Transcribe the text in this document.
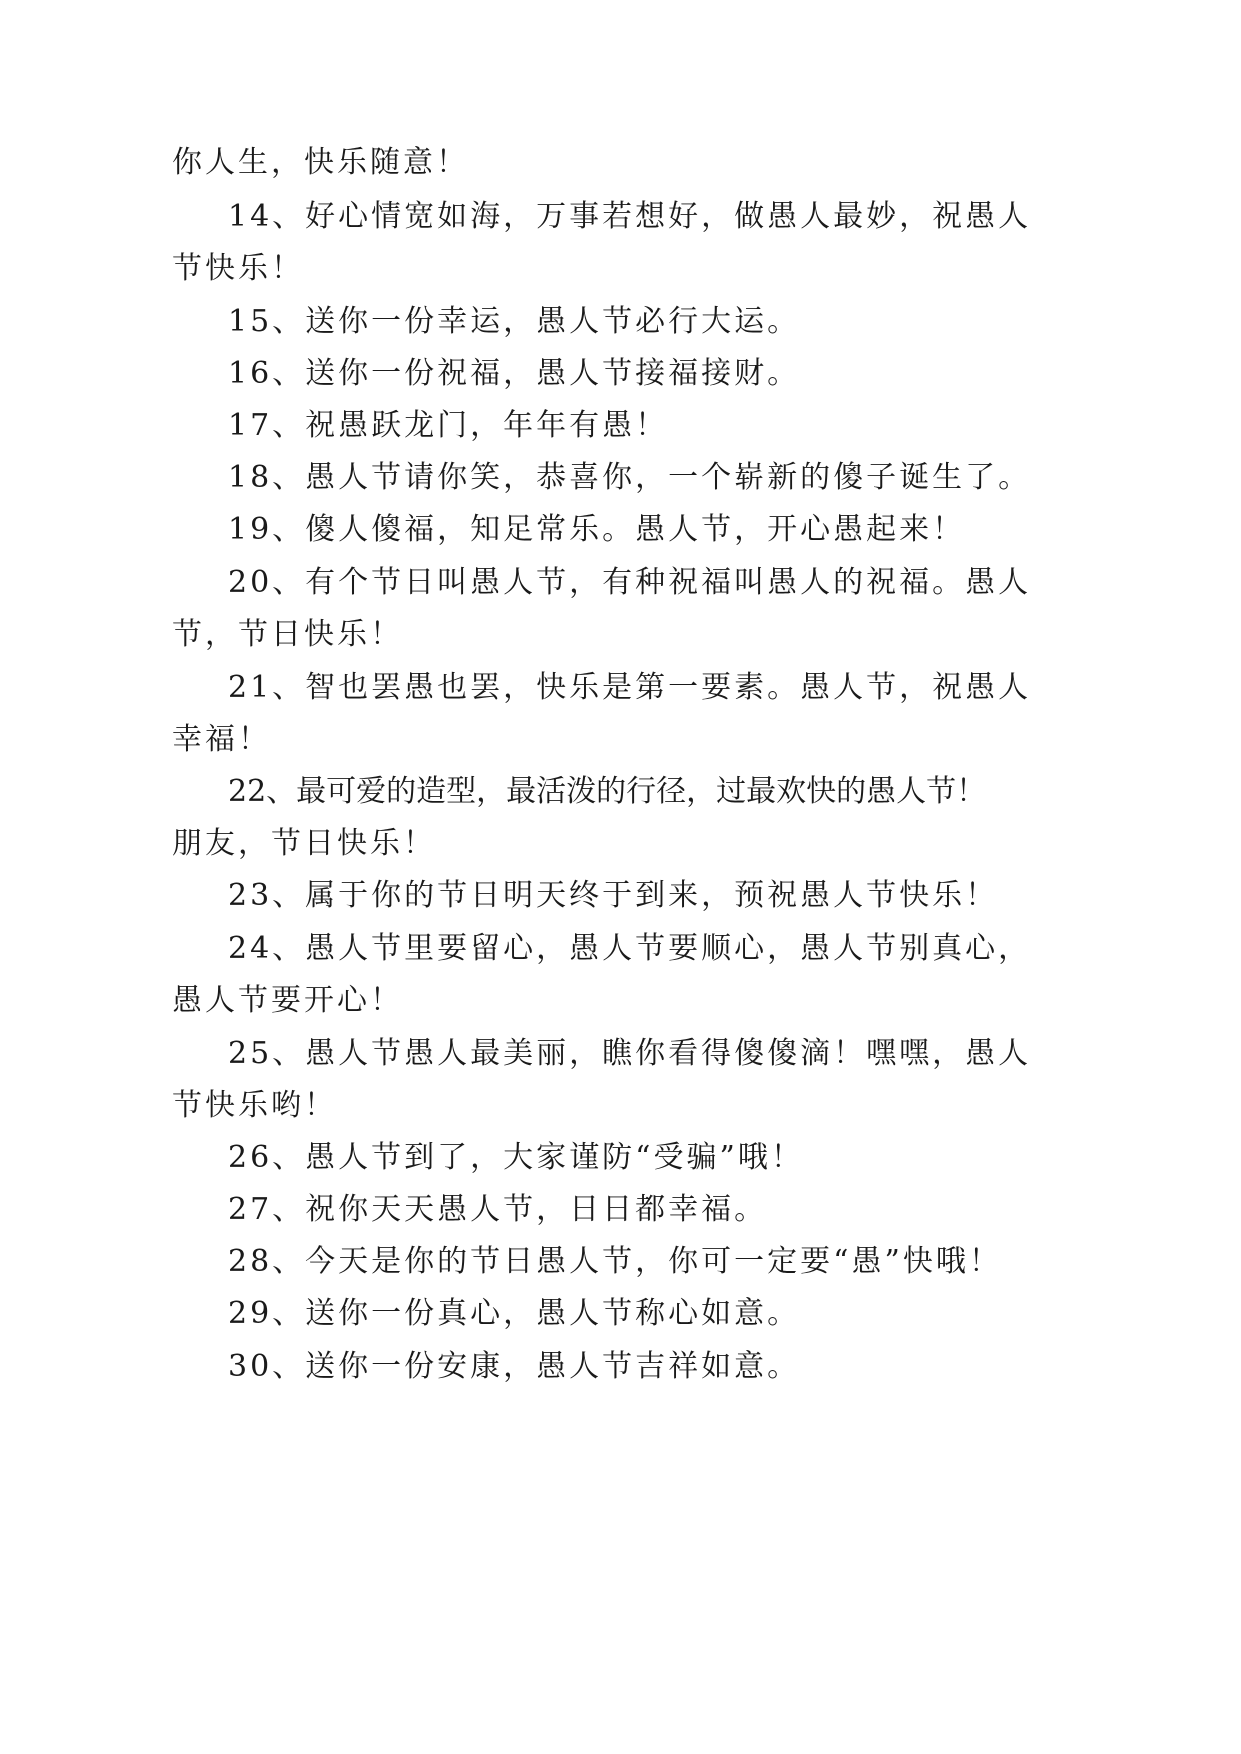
你人生，快乐随意！
14、好心情宽如海，万事若想好，做愚人最妙，祝愚人
节快乐！
15、送你一份幸运，愚人节必行大运。
16、送你一份祝福，愚人节接福接财。
17、祝愚跃龙门，年年有愚！
18、愚人节请你笑，恭喜你，一个崭新的傻子诞生了。
19、傻人傻福，知足常乐。愚人节，开心愚起来！
20、有个节日叫愚人节，有种祝福叫愚人的祝福。愚人
节，节日快乐！
21、智也罢愚也罢，快乐是第一要素。愚人节，祝愚人
幸福！
22、最可爱的造型，最活泼的行径，过最欢快的愚人节！
朋友，节日快乐！
23、属于你的节日明天终于到来，预祝愚人节快乐！
24、愚人节里要留心，愚人节要顺心，愚人节别真心，
愚人节要开心！
25、愚人节愚人最美丽，瞧你看得傻傻滴！嘿嘿，愚人
节快乐哟！
26、愚人节到了，大家谨防“受骗”哦！
27、祝你天天愚人节，日日都幸福。
28、今天是你的节日愚人节，你可一定要“愚”快哦！
29、送你一份真心，愚人节称心如意。
30、送你一份安康，愚人节吉祥如意。
